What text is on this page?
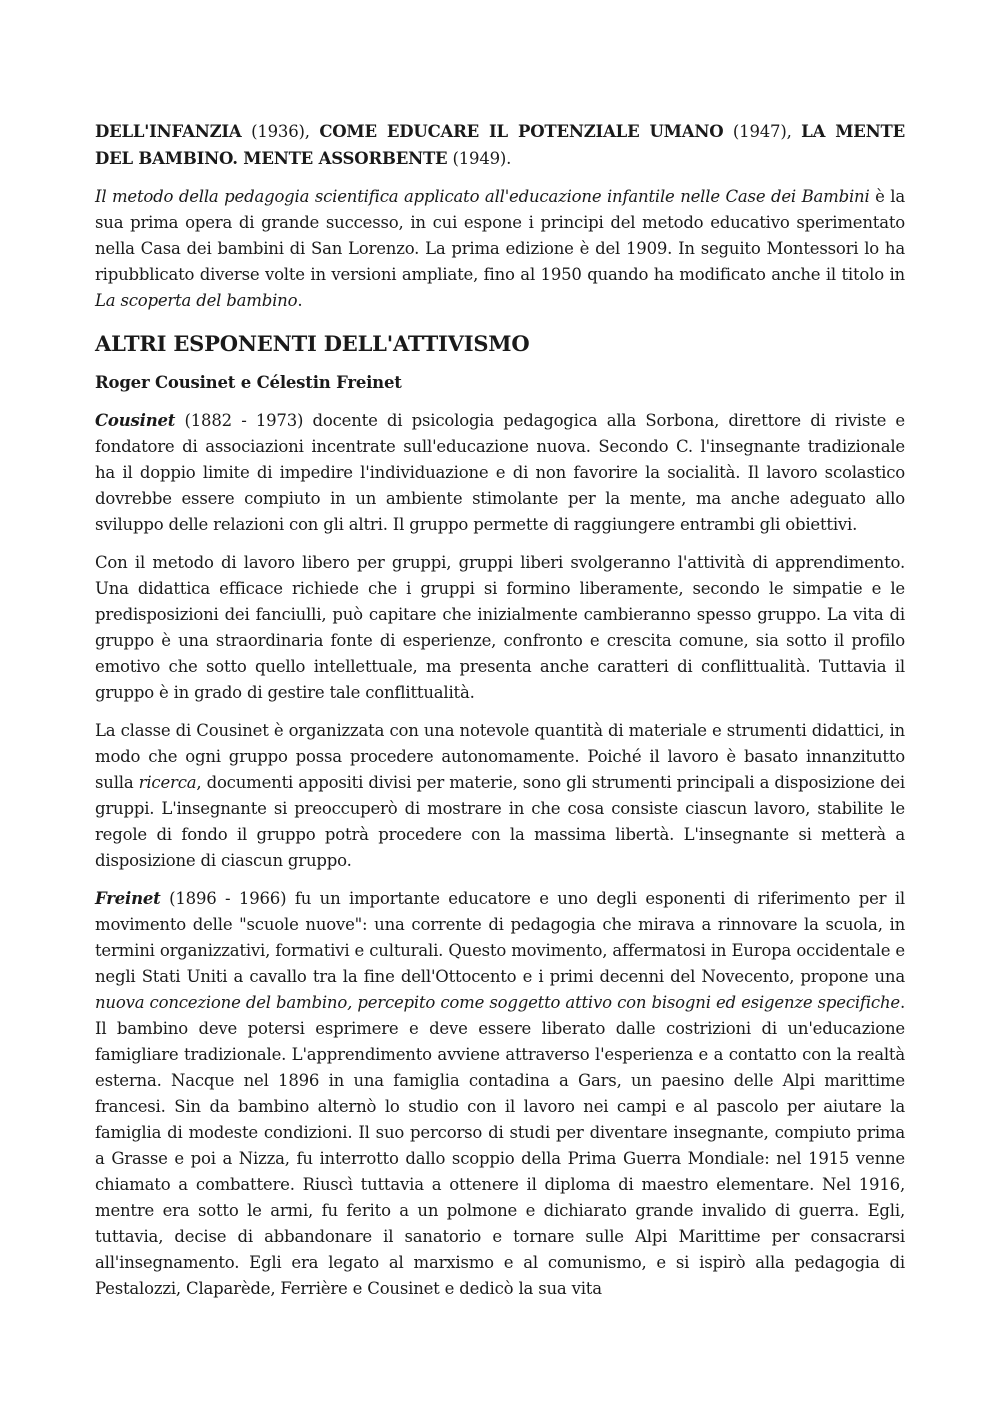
DELL'INFANZIA (1936), COME EDUCARE IL POTENZIALE UMANO (1947), LA MENTE DEL BAMBINO. MENTE ASSORBENTE (1949).

Il metodo della pedagogia scientifica applicato all'educazione infantile nelle Case dei Bambini è la sua prima opera di grande successo, in cui espone i principi del metodo educativo sperimentato nella Casa dei bambini di San Lorenzo. La prima edizione è del 1909. In seguito Montessori lo ha ripubblicato diverse volte in versioni ampliate, fino al 1950 quando ha modificato anche il titolo in La scoperta del bambino.

ALTRI ESPONENTI DELL'ATTIVISMO
Roger Cousinet e Célestin Freinet

Cousinet (1882 - 1973) docente di psicologia pedagogica alla Sorbona, direttore di riviste e fondatore di associazioni incentrate sull'educazione nuova. Secondo C. l'insegnante tradizionale ha il doppio limite di impedire l'individuazione e di non favorire la socialità. Il lavoro scolastico dovrebbe essere compiuto in un ambiente stimolante per la mente, ma anche adeguato allo sviluppo delle relazioni con gli altri. Il gruppo permette di raggiungere entrambi gli obiettivi.

Con il metodo di lavoro libero per gruppi, gruppi liberi svolgeranno l'attività di apprendimento. Una didattica efficace richiede che i gruppi si formino liberamente, secondo le simpatie e le predisposizioni dei fanciulli, può capitare che inizialmente cambieranno spesso gruppo. La vita di gruppo è una straordinaria fonte di esperienze, confronto e crescita comune, sia sotto il profilo emotivo che sotto quello intellettuale, ma presenta anche caratteri di conflittualità. Tuttavia il gruppo è in grado di gestire tale conflittualità.

La classe di Cousinet è organizzata con una notevole quantità di materiale e strumenti didattici, in modo che ogni gruppo possa procedere autonomamente. Poiché il lavoro è basato innanzitutto sulla ricerca, documenti appositi divisi per materie, sono gli strumenti principali a disposizione dei gruppi. L'insegnante si preoccuperò di mostrare in che cosa consiste ciascun lavoro, stabilite le regole di fondo il gruppo potrà procedere con la massima libertà. L'insegnante si metterà a disposizione di ciascun gruppo.

Freinet (1896 - 1966) fu un importante educatore e uno degli esponenti di riferimento per il movimento delle "scuole nuove": una corrente di pedagogia che mirava a rinnovare la scuola, in termini organizzativi, formativi e culturali. Questo movimento, affermatosi in Europa occidentale e negli Stati Uniti a cavallo tra la fine dell'Ottocento e i primi decenni del Novecento, propone una nuova concezione del bambino, percepito come soggetto attivo con bisogni ed esigenze specifiche. Il bambino deve potersi esprimere e deve essere liberato dalle costrizioni di un'educazione famigliare tradizionale. L'apprendimento avviene attraverso l'esperienza e a contatto con la realtà esterna. Nacque nel 1896 in una famiglia contadina a Gars, un paesino delle Alpi marittime francesi. Sin da bambino alternò lo studio con il lavoro nei campi e al pascolo per aiutare la famiglia di modeste condizioni. Il suo percorso di studi per diventare insegnante, compiuto prima a Grasse e poi a Nizza, fu interrotto dallo scoppio della Prima Guerra Mondiale: nel 1915 venne chiamato a combattere. Riuscì tuttavia a ottenere il diploma di maestro elementare. Nel 1916, mentre era sotto le armi, fu ferito a un polmone e dichiarato grande invalido di guerra. Egli, tuttavia, decise di abbandonare il sanatorio e tornare sulle Alpi Marittime per consacrarsi all'insegnamento. Egli era legato al marxismo e al comunismo, e si ispirò alla pedagogia di Pestalozzi, Claparède, Ferrière e Cousinet e dedicò la sua vita
